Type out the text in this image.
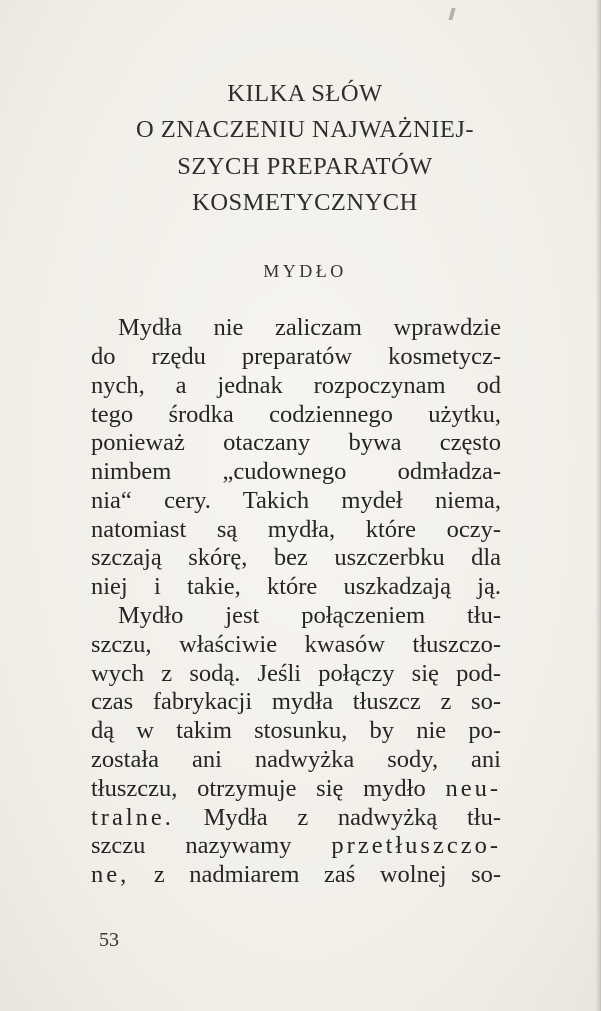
KILKA SŁÓW
O ZNACZENIU NAJWAŻNIEJ-
SZYCH PREPARATÓW
KOSMETYCZNYCH
MYDŁO
Mydła nie zaliczam wprawdzie
do rzędu preparatów kosmetycz-
nych, a jednak rozpoczynam od
tego środka codziennego użytku,
ponieważ otaczany bywa często
nimbem „cudownego odmładza-
nia“ cery. Takich mydeł niema,
natomiast są mydła, które oczy-
szczają skórę, bez uszczerbku dla
niej i takie, które uszkadzają ją.
Mydło jest połączeniem tłu-
szczu, właściwie kwasów tłuszczo-
wych z sodą. Jeśli połączy się pod-
czas fabrykacji mydła tłuszcz z so-
dą w takim stosunku, by nie po-
została ani nadwyżka sody, ani
tłuszczu, otrzymuje się mydło neu-
tralne. Mydła z nadwyżką tłu-
szczu nazywamy przetłuszczo-
ne, z nadmiarem zaś wolnej so-
53
